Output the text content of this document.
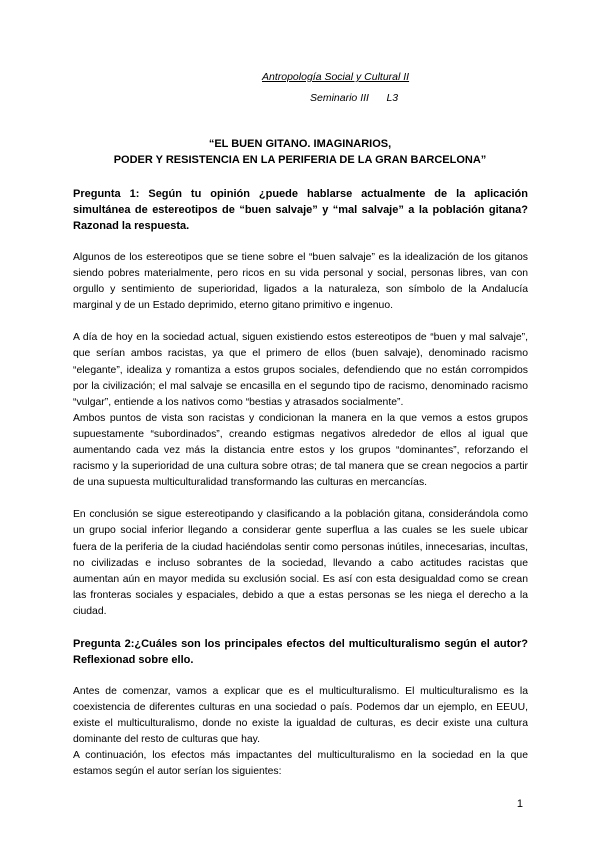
Antropología Social y Cultural II
Seminario III      L3
“EL BUEN GITANO. IMAGINARIOS,
PODER Y RESISTENCIA EN LA PERIFERIA DE LA GRAN BARCELONA”

Pregunta 1: Según tu opinión ¿puede hablarse actualmente de la aplicación simultánea de estereotipos de “buen salvaje” y “mal salvaje” a la población gitana? Razonad la respuesta.

Algunos de los estereotipos que se tiene sobre el “buen salvaje” es la idealización de los gitanos siendo pobres materialmente, pero ricos en su vida personal y social, personas libres, van con orgullo y sentimiento de superioridad, ligados a la naturaleza, son símbolo de la Andalucía marginal y de un Estado deprimido, eterno gitano primitivo e ingenuo.

A día de hoy en la sociedad actual, siguen existiendo estos estereotipos de “buen y mal salvaje”, que serían ambos racistas, ya que el primero de ellos (buen salvaje), denominado racismo “elegante”, idealiza y romantiza a estos grupos sociales, defendiendo que no están corrompidos por la civilización; el mal salvaje se encasilla en el segundo tipo de racismo, denominado racismo “vulgar”, entiende a los nativos como “bestias y atrasados socialmente”.

Ambos puntos de vista son racistas y condicionan la manera en la que vemos a estos grupos supuestamente “subordinados”, creando estigmas negativos alrededor de ellos al igual que aumentando cada vez más la distancia entre estos y los grupos “dominantes”, reforzando el racismo y la superioridad de una cultura sobre otras; de tal manera que se crean negocios a partir de una supuesta multiculturalidad transformando las culturas en mercancías.

En conclusión se sigue estereotipando y clasificando a la población gitana, considerándola como un grupo social inferior llegando a considerar gente superflua a las cuales se les suele ubicar fuera de la periferia de la ciudad haciéndolas sentir como personas inútiles, innecesarias, incultas, no civilizadas e incluso sobrantes de la sociedad, llevando a cabo actitudes racistas que aumentan aún en mayor medida su exclusión social. Es así con esta desigualdad como se crean las fronteras sociales y espaciales, debido a que a estas personas se les niega el derecho a la ciudad.

Pregunta 2:¿Cuáles son los principales efectos del multiculturalismo según el autor? Reflexionad sobre ello.

Antes de comenzar, vamos a explicar que es el multiculturalismo. El multiculturalismo es la coexistencia de diferentes culturas en una sociedad o país. Podemos dar un ejemplo, en EEUU, existe el multiculturalismo, donde no existe la igualdad de culturas, es decir existe una cultura dominante del resto de culturas que hay.

A continuación, los efectos más impactantes del multiculturalismo en la sociedad en la que estamos según el autor serían los siguientes:

1
